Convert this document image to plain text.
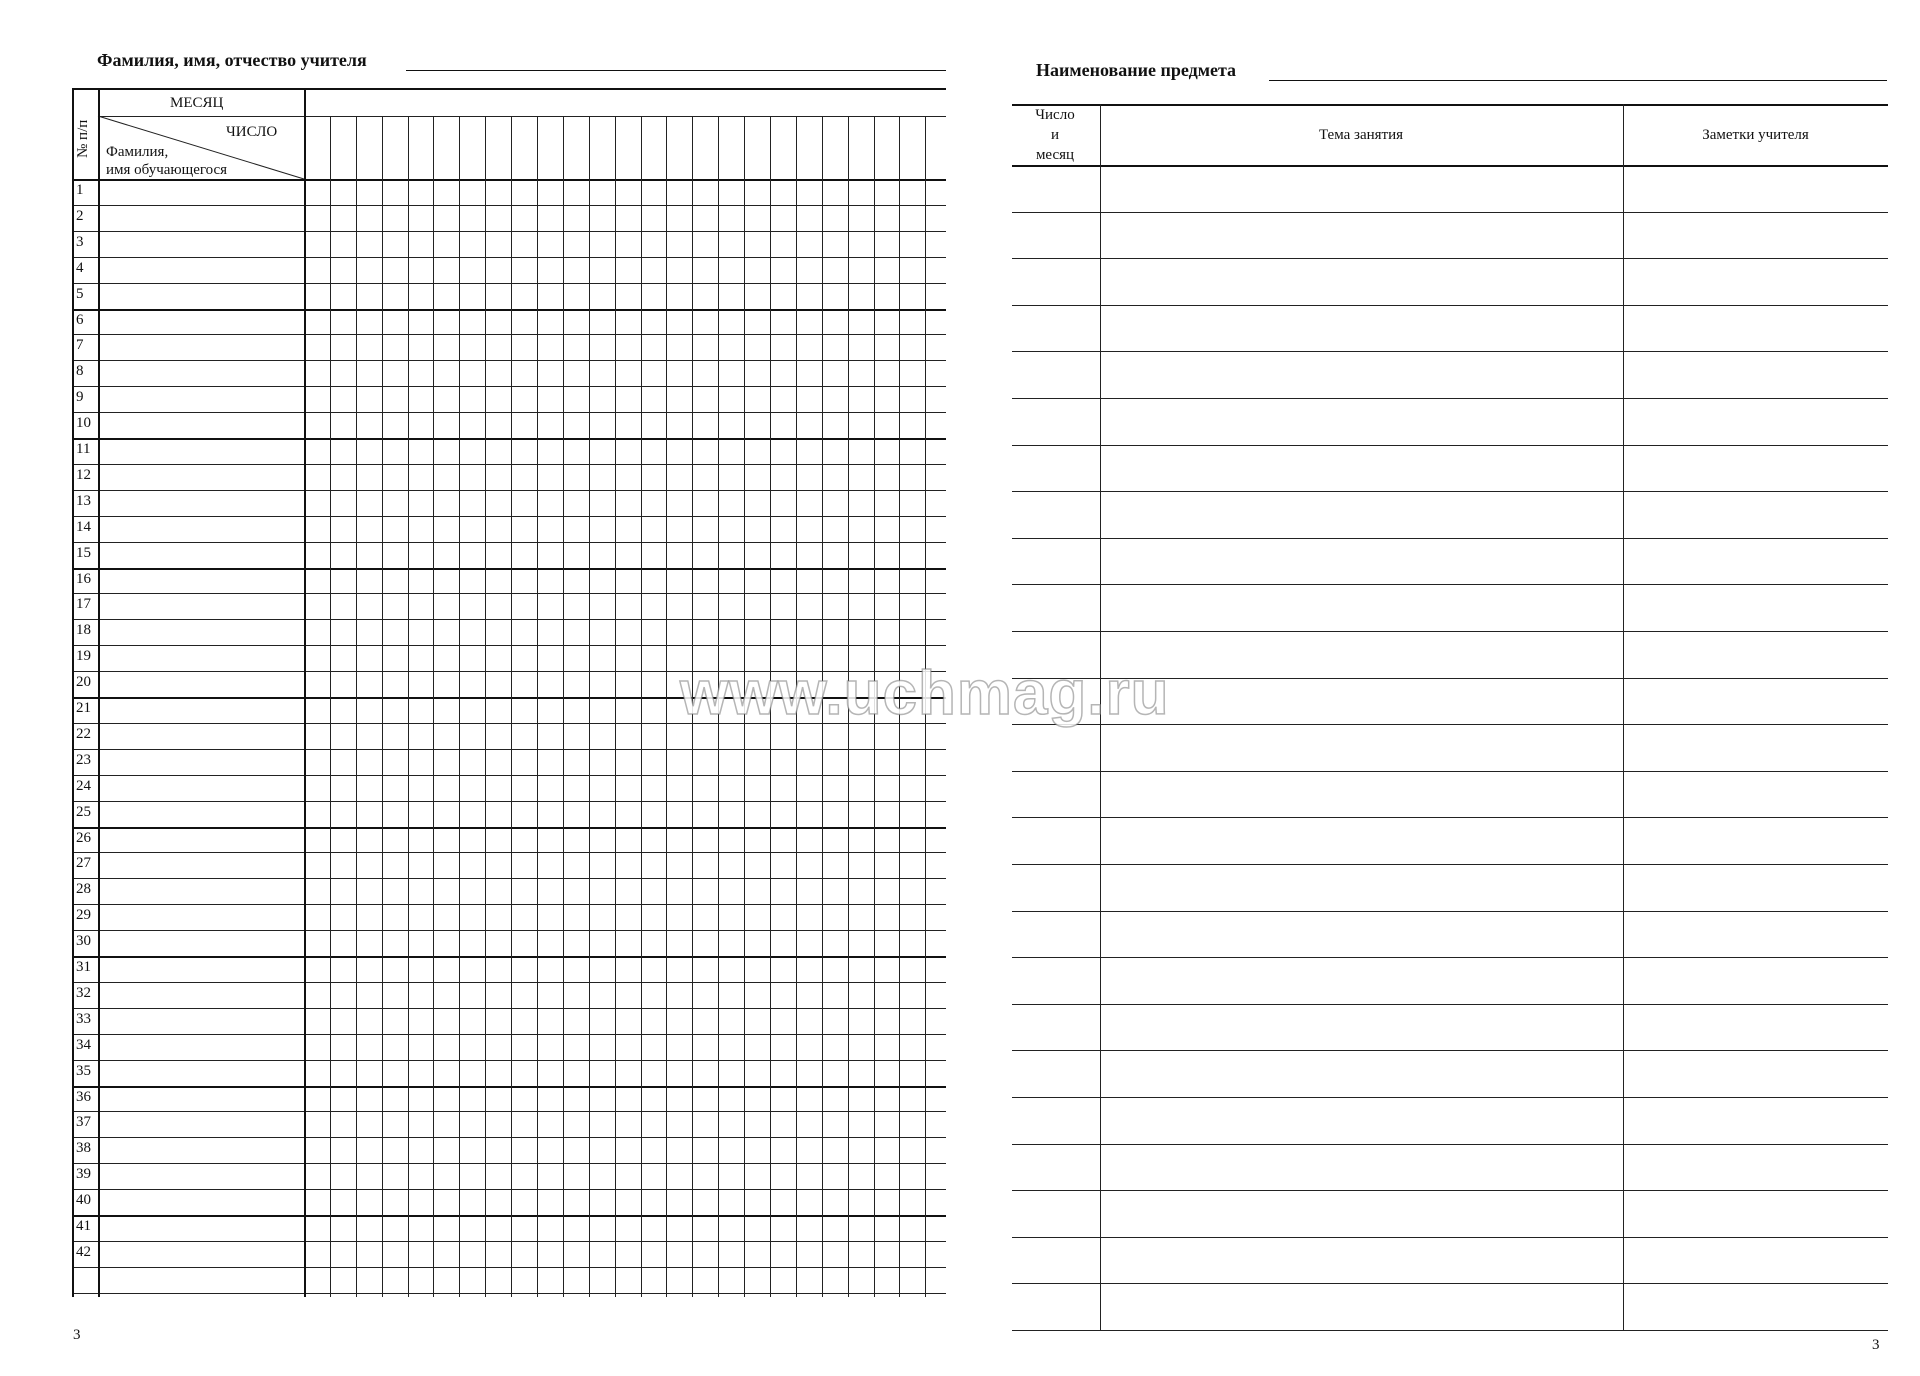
Фамилия, имя, отчество учителя
МЕСЯЦ
ЧИСЛО
Фамилия,
имя обучающегося
№ п/п
1
2
3
4
5
6
7
8
9
10
11
12
13
14
15
16
17
18
19
20
21
22
23
24
25
26
27
28
29
30
31
32
33
34
35
36
37
38
39
40
41
42
3
Наименование предмета
Число
и
месяц
Тема занятия	Заметки учителя
3
www.uchmag.ru
